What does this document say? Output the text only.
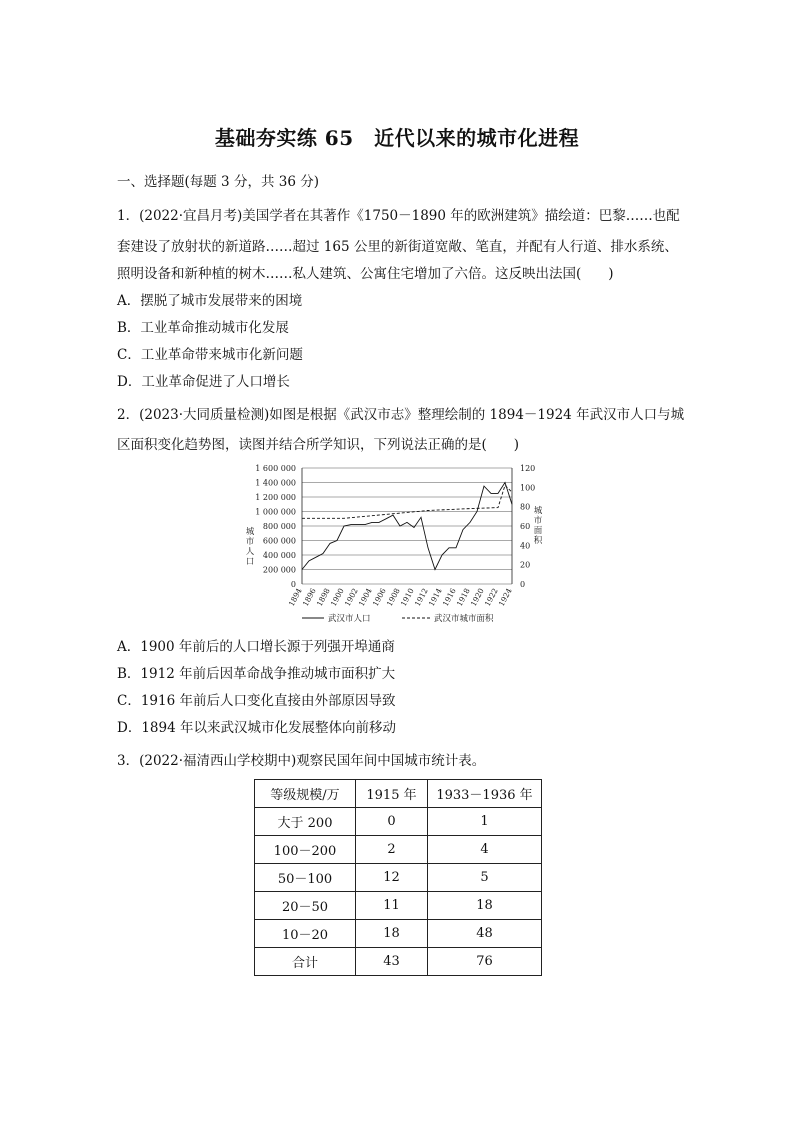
基础夯实练 65　近代以来的城市化进程
一、选择题(每题 3 分，共 36 分)
1．(2022·宜昌月考)美国学者在其著作《1750－1890 年的欧洲建筑》描绘道：巴黎……也配
套建设了放射状的新道路……超过 165 公里的新街道宽敞、笔直，并配有人行道、排水系统、
照明设备和新种植的树木……私人建筑、公寓住宅增加了六倍。这反映出法国(　　)
A．摆脱了城市发展带来的困境
B．工业革命推动城市化发展
C．工业革命带来城市化新问题
D．工业革命促进了人口增长
2．(2023·大同质量检测)如图是根据《武汉市志》整理绘制的 1894－1924 年武汉市人口与城
区面积变化趋势图，读图并结合所学知识，下列说法正确的是(　　)
1 600 000
1 400 000
1 200 000
1 000 000
800 000
600 000
400 000
200 000
0
120
100
80
60
40
20
0
城
市
人
口
城
市
面
积
1894
1896
1898
1900
1902
1904
1906
1908
1910
1912
1914
1916
1918
1920
1922
1924
武汉市人口	武汉市城市面积
A．1900 年前后的人口增长源于列强开埠通商
B．1912 年前后因革命战争推动城市面积扩大
C．1916 年前后人口变化直接由外部原因导致
D．1894 年以来武汉城市化发展整体向前移动
3．(2022·福清西山学校期中)观察民国年间中国城市统计表。
等级规模/万	1915 年	1933－1936 年
大于 200	0	1
100－200	2	4
50－100	12	5
20－50	11	18
10－20	18	48
合计	43	76
